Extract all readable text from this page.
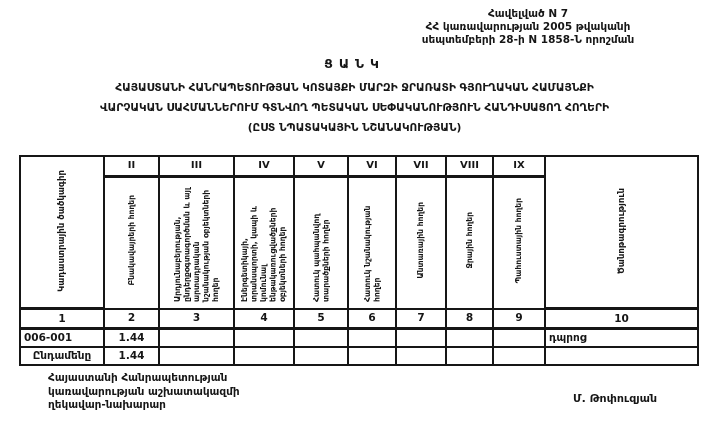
Հավելված N 7
ՀՀ կառավարության 2005 թվականի
սեպտեմբերի 28-ի N 1858-Ն որոշման
ՑԱՆԿ
ՀԱՅԱՍՏԱՆԻ ՀԱՆՐԱՊԵՏՈՒԹՅԱՆ ԿՈՏԱՅՔԻ ՄԱՐԶԻ ՋՐԱՌԱՏԻ ԳՅՈՒՂԱԿԱՆ ՀԱՄԱՅՆՔԻ
ՎԱՐՉԱԿԱՆ ՍԱՀՄԱՆՆԵՐՈՒՄ ԳՏՆՎՈՂ ՊԵՏԱԿԱՆ ՍԵՓԱԿԱՆՈՒԹՅՈՒՆ ՀԱՆԴԻՍԱՑՈՂ ՀՈՂԵՐԻ
(ԸՍՏ ՆՊԱՏԱԿԱՅԻՆ ՆՇԱՆԱԿՈՒԹՅԱՆ)
Կադաստրային ծածկագիր	II	III	IV	V	VI	VII	VIII	IX	Ծանոթագրություն
	Բնակավայրերի հողեր	Արդյունաբերության, ընդերքօգտագործման և այլ արտադրական նշանակության օբյեկտների հողեր	Էներգետիկայի, տրանսպորտի, կապի և կոմունալ ենթակառուցվածքների օբյեկտների հողեր	Հատուկ պահպանվող տարածքների հողեր	Հատուկ նշանակության հողեր	Անտառային հողեր	Ջրային հողեր	Պահուստային հողեր	
1	2	3	4	5	6	7	8	9	10
006-001	1.44								դպրոց
Ընդամենը	1.44								
Հայաստանի Հանրապետության
կառավարության աշխատակազմի
ղեկավար-նախարար	Մ. Թոփուզյան
